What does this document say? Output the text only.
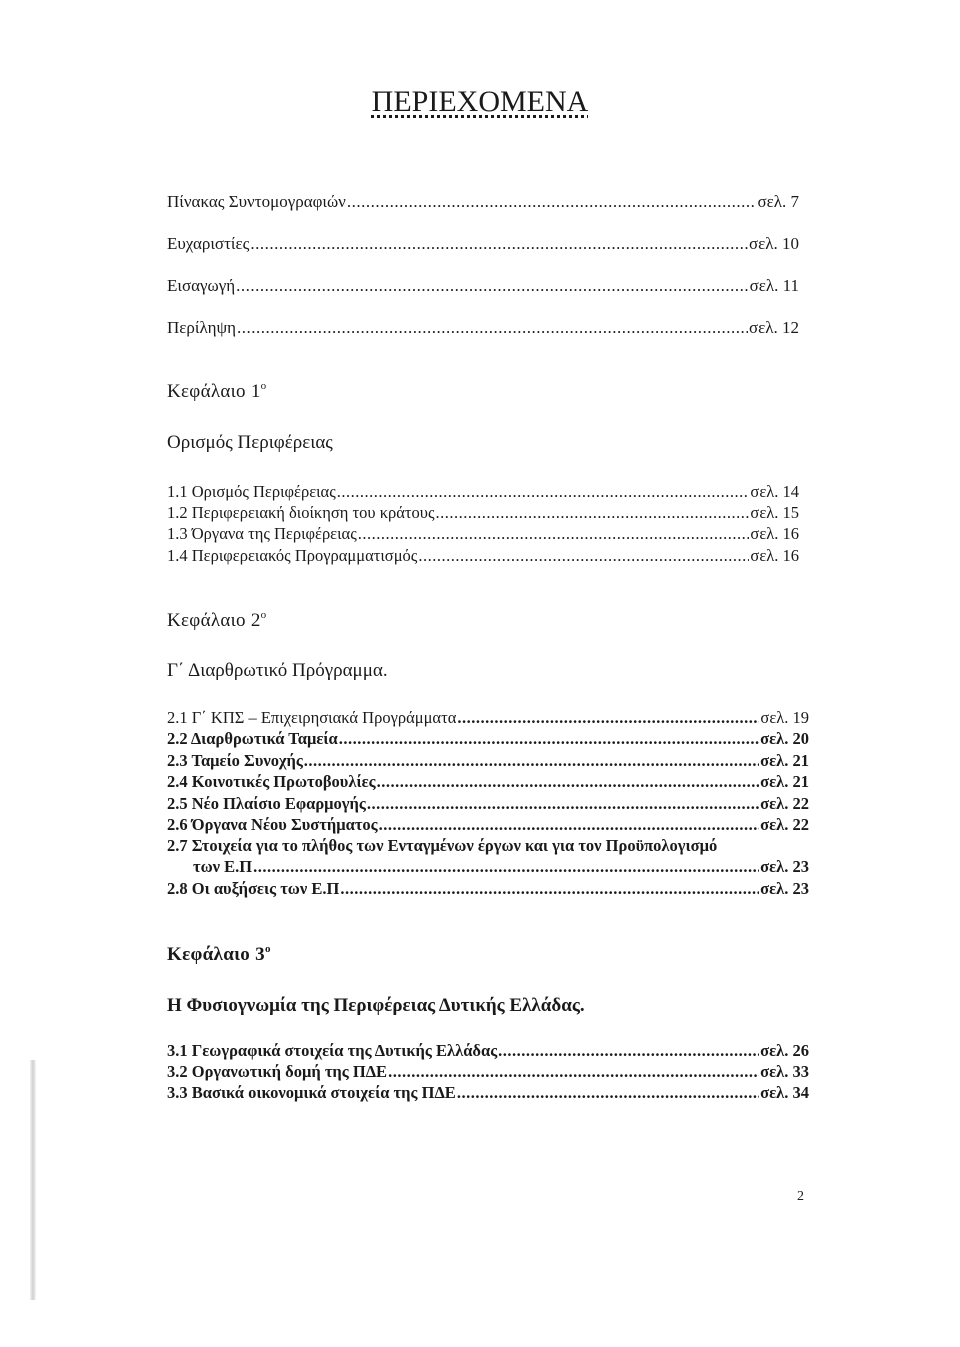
ΠΕΡΙΕΧΟΜΕΝΑ
Πίνακας Συντομογραφιών .....	σελ. 7
Ευχαριστίες .....	σελ. 10
Εισαγωγή .....	σελ. 11
Περίληψη .....	σελ. 12
Κεφάλαιο $1^o$
Ορισμός Περιφέρειας
1.1 Ορισμός Περιφέρειας .....	σελ. 14
1.2 Περιφερειακή διοίκηση του κράτους .....	σελ. 15
1.3 Όργανα της Περιφέρειας .....	σελ. 16
1.4 Περιφερειακός Προγραμματισμός .....	σελ. 16
Κεφάλαιο $2^o$
Γ΄ Διαρθρωτικό Πρόγραμμα.
2.1 Γ΄ ΚΠΣ – Επιχειρησιακά Προγράμματα .....	σελ. 19
2.2 Διαρθρωτικά Ταμεία .....	σελ. 20
2.3 Ταμείο Συνοχής .....	σελ. 21
2.4 Κοινοτικές Πρωτοβουλίες .....	σελ. 21
2.5 Νέο Πλαίσιο Εφαρμογής .....	σελ. 22
2.6 Όργανα Νέου Συστήματος .....	σελ. 22
2.7 Στοιχεία για το πλήθος των Ενταγμένων έργων και για τον Προϋπολογισμό
των Ε.Π .....	σελ. 23
2.8 Οι αυξήσεις των Ε.Π .....	σελ. 23
Κεφάλαιο $3^o$
Η Φυσιογνωμία της Περιφέρειας Δυτικής Ελλάδας.
3.1 Γεωγραφικά στοιχεία της Δυτικής Ελλάδας .....	σελ. 26
3.2 Οργανωτική δομή της ΠΔΕ .....	σελ. 33
3.3 Βασικά οικονομικά στοιχεία της ΠΔΕ .....	σελ. 34
2
